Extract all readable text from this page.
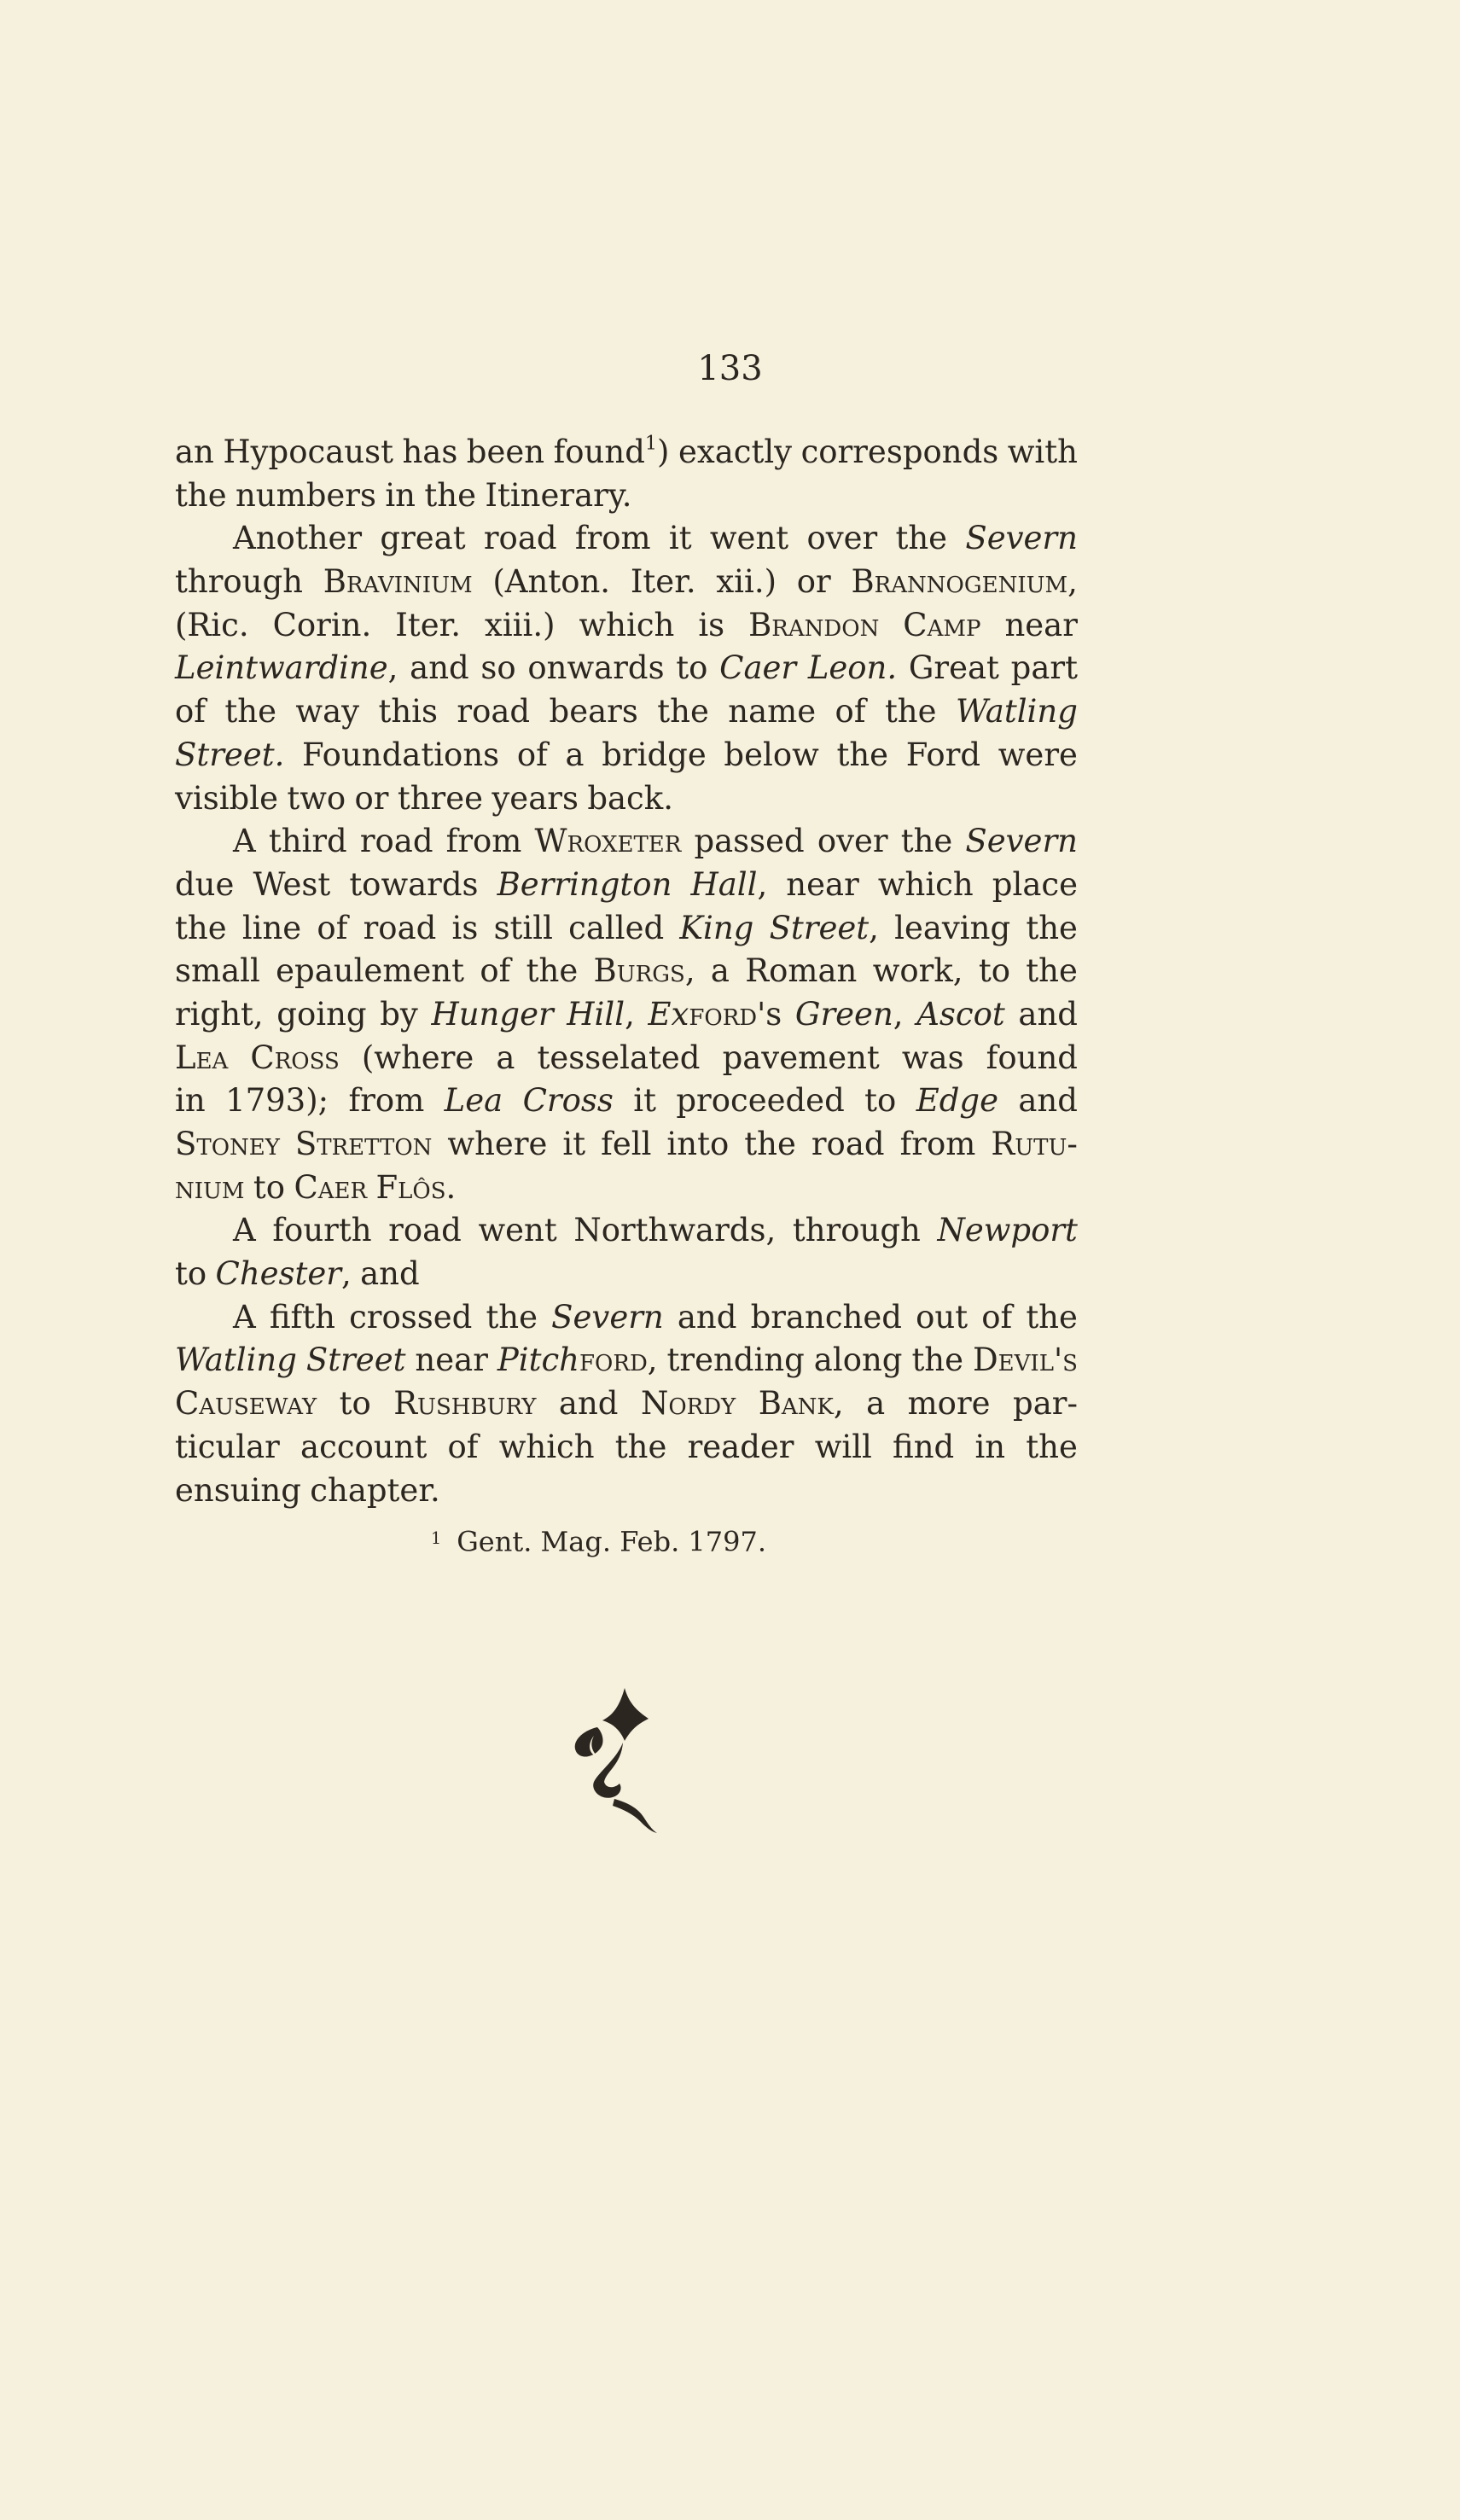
133
an Hypocaust has been found$^1$) exactly corresponds with
the numbers in the Itinerary.
Another great road from it went over the Severn
through Bravinium (Anton. Iter. xii.) or Brannogenium,
(Ric. Corin. Iter. xiii.) which is Brandon Camp near
Leintwardine, and so onwards to Caer Leon. Great part
of the way this road bears the name of the Watling
Street. Foundations of a bridge below the Ford were
visible two or three years back.
A third road from Wroxeter passed over the Severn
due West towards Berrington Hall, near which place
the line of road is still called King Street, leaving the
small epaulement of the Burgs, a Roman work, to the
right, going by Hunger Hill, Exford's Green, Ascot and
Lea Cross (where a tesselated pavement was found
in 1793); from Lea Cross it proceeded to Edge and
Stoney Stretton where it fell into the road from Rutu-
nium to Caer Flôs.
A fourth road went Northwards, through Newport
to Chester, and
A fifth crossed the Severn and branched out of the
Watling Street near Pitchford, trending along the Devil's
Causeway to Rushbury and Nordy Bank, a more par-
ticular account of which the reader will find in the
ensuing chapter.
$^1$ Gent. Mag. Feb. 1797.
